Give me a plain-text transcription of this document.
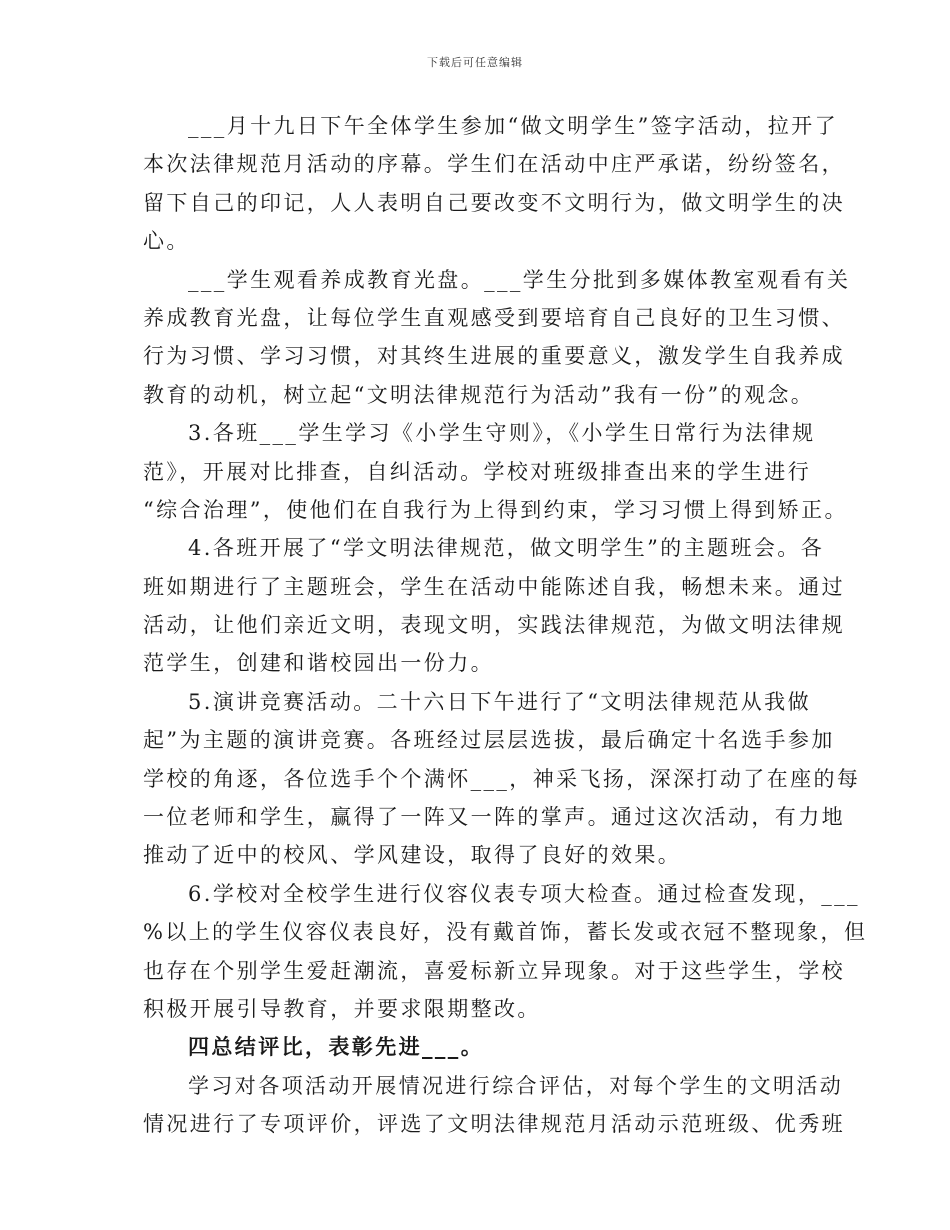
下载后可任意编辑
___月十九日下午全体学生参加“做文明学生”签字活动，拉开了
本次法律规范月活动的序幕。学生们在活动中庄严承诺，纷纷签名，
留下自己的印记，人人表明自己要改变不文明行为，做文明学生的决
心。
___学生观看养成教育光盘。___学生分批到多媒体教室观看有关
养成教育光盘，让每位学生直观感受到要培育自己良好的卫生习惯、
行为习惯、学习习惯，对其终生进展的重要意义，激发学生自我养成
教育的动机，树立起“文明法律规范行为活动”我有一份”的观念。
3.各班___学生学习《小学生守则》，《小学生日常行为法律规
范》，开展对比排查，自纠活动。学校对班级排查出来的学生进行
“综合治理”，使他们在自我行为上得到约束，学习习惯上得到矫正。
4.各班开展了“学文明法律规范，做文明学生”的主题班会。各
班如期进行了主题班会，学生在活动中能陈述自我，畅想未来。通过
活动，让他们亲近文明，表现文明，实践法律规范，为做文明法律规
范学生，创建和谐校园出一份力。
5.演讲竞赛活动。二十六日下午进行了“文明法律规范从我做
起”为主题的演讲竞赛。各班经过层层选拔，最后确定十名选手参加
学校的角逐，各位选手个个满怀___，神采飞扬，深深打动了在座的每
一位老师和学生，赢得了一阵又一阵的掌声。通过这次活动，有力地
推动了近中的校风、学风建设，取得了良好的效果。
6.学校对全校学生进行仪容仪表专项大检查。通过检查发现，___
%以上的学生仪容仪表良好，没有戴首饰，蓄长发或衣冠不整现象，但
也存在个别学生爱赶潮流，喜爱标新立异现象。对于这些学生，学校
积极开展引导教育，并要求限期整改。
四总结评比，表彰先进___。
学习对各项活动开展情况进行综合评估，对每个学生的文明活动
情况进行了专项评价，评选了文明法律规范月活动示范班级、优秀班
